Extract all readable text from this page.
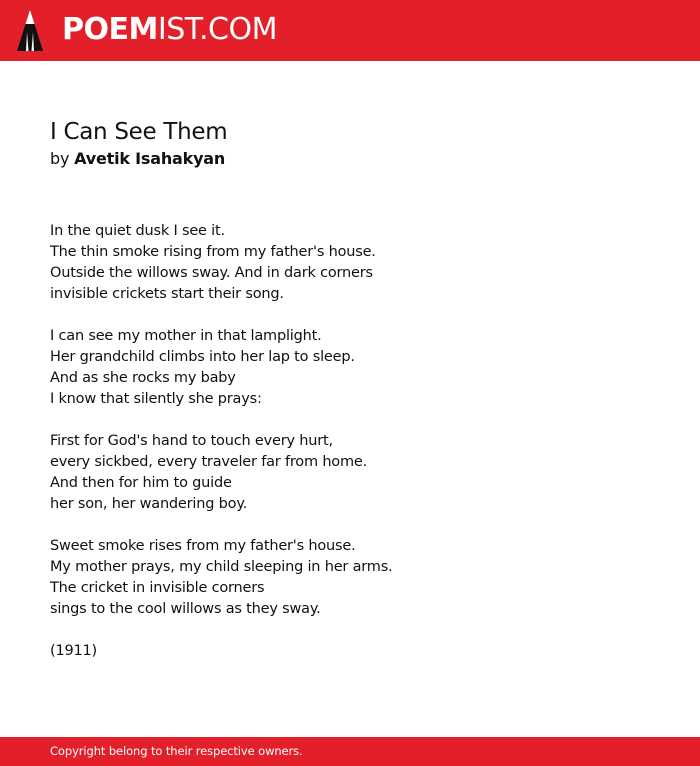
POEMIST.COM
I Can See Them
by Avetik Isahakyan
In the quiet dusk I see it.
The thin smoke rising from my father's house.
Outside the willows sway. And in dark corners
invisible crickets start their song.
I can see my mother in that lamplight.
Her grandchild climbs into her lap to sleep.
And as she rocks my baby
I know that silently she prays:
First for God's hand to touch every hurt,
every sickbed, every traveler far from home.
And then for him to guide
her son, her wandering boy.
Sweet smoke rises from my father's house.
My mother prays, my child sleeping in her arms.
The cricket in invisible corners
sings to the cool willows as they sway.
(1911)
Copyright belong to their respective owners.
